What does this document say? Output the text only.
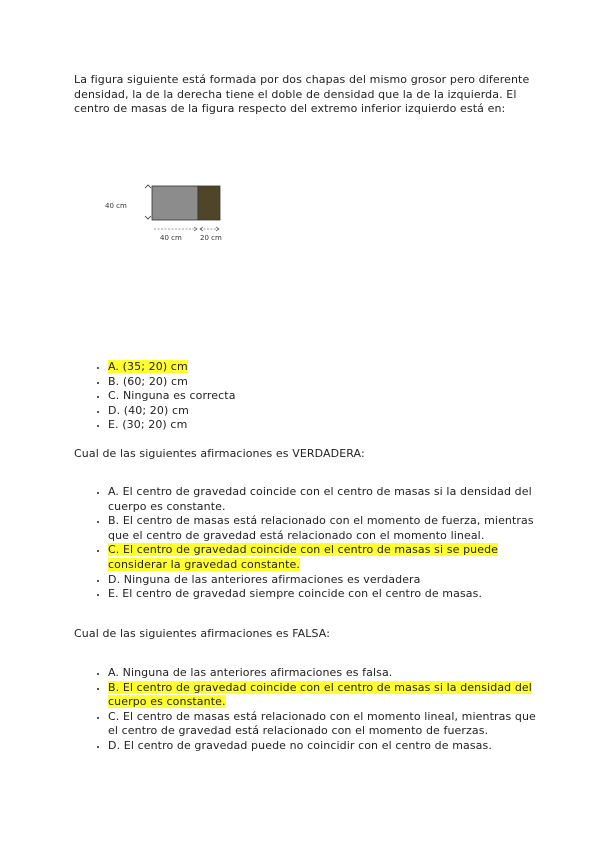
La figura siguiente está formada por dos chapas del mismo grosor pero diferente densidad, la de la derecha tiene el doble de densidad que la de la izquierda. El centro de masas de la figura respecto del extremo inferior izquierdo está en:
40 cm
40 cm	20 cm
• A. (35; 20) cm
• B. (60; 20) cm
• C. Ninguna es correcta
• D. (40; 20) cm
• E. (30; 20) cm
Cual de las siguientes afirmaciones es VERDADERA:
• A. El centro de gravedad coincide con el centro de masas si la densidad del cuerpo es constante.
• B. El centro de masas está relacionado con el momento de fuerza, mientras que el centro de gravedad está relacionado con el momento lineal.
• C. El centro de gravedad coincide con el centro de masas si se puede considerar la gravedad constante.
• D. Ninguna de las anteriores afirmaciones es verdadera
• E. El centro de gravedad siempre coincide con el centro de masas.
Cual de las siguientes afirmaciones es FALSA:
• A. Ninguna de las anteriores afirmaciones es falsa.
• B. El centro de gravedad coincide con el centro de masas si la densidad del cuerpo es constante.
• C. El centro de masas está relacionado con el momento lineal, mientras que el centro de gravedad está relacionado con el momento de fuerzas.
• D. El centro de gravedad puede no coincidir con el centro de masas.
